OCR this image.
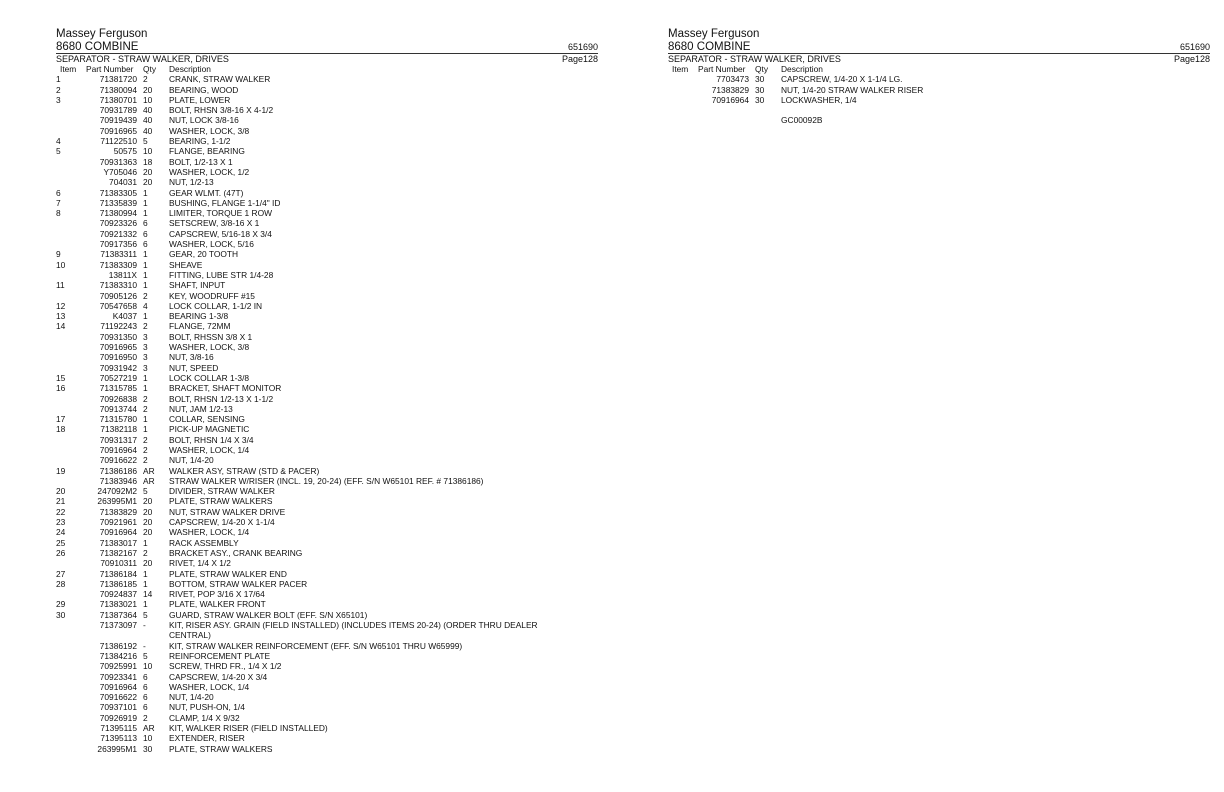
Massey Ferguson
8680 COMBINE	651690
SEPARATOR - STRAW WALKER, DRIVES	Page128
Item Part Number Qty Description
1	71381720 2	CRANK, STRAW WALKER
2	71380094 20 BEARING, WOOD
3	71380701 10 PLATE, LOWER
70931789 40 BOLT, RHSN 3/8-16 X 4-1/2
70919439 40 NUT, LOCK 3/8-16
70916965 40 WASHER, LOCK, 3/8
4	71122510 5	BEARING, 1-1/2
5	50575 10 FLANGE, BEARING
70931363 18 BOLT, 1/2-13 X 1
Y705046 20 WASHER, LOCK, 1/2
704031 20 NUT, 1/2-13
6	71383305 1	GEAR WLMT. (47T)
7	71335839 1	BUSHING, FLANGE 1-1/4" ID
8	71380994 1	LIMITER, TORQUE 1 ROW
70923326 6	SETSCREW, 3/8-16 X 1
70921332 6	CAPSCREW, 5/16-18 X 3/4
70917356 6	WASHER, LOCK, 5/16
9	71383311 1	GEAR, 20 TOOTH
10	71383309 1	SHEAVE
13811X 1	FITTING, LUBE STR 1/4-28
11	71383310 1	SHAFT, INPUT
70905126 2	KEY, WOODRUFF #15
12	70547658 4	LOCK COLLAR, 1-1/2 IN
13	K4037 1	BEARING 1-3/8
14	71192243 2	FLANGE, 72MM
70931350 3	BOLT, RHSSN 3/8 X 1
70916965 3	WASHER, LOCK, 3/8
70916950 3	NUT, 3/8-16
70931942 3	NUT, SPEED
15	70527219 1	LOCK COLLAR 1-3/8
16	71315785 1	BRACKET, SHAFT MONITOR
70926838 2	BOLT, RHSN 1/2-13 X 1-1/2
70913744 2	NUT, JAM 1/2-13
17	71315780 1	COLLAR, SENSING
18	71382118 1	PICK-UP MAGNETIC
70931317 2	BOLT, RHSN 1/4 X 3/4
70916964 2	WASHER, LOCK, 1/4
70916622 2	NUT, 1/4-20
19	71386186 AR WALKER ASY, STRAW (STD & PACER)
71383946 AR STRAW WALKER W/RISER (INCL. 19, 20-24) (EFF. S/N W65101 REF. # 71386186)
20	247092M2 5	DIVIDER, STRAW WALKER
21	263995M1 20 PLATE, STRAW WALKERS
22	71383829 20 NUT, STRAW WALKER DRIVE
23	70921961 20 CAPSCREW, 1/4-20 X 1-1/4
24	70916964 20 WASHER, LOCK, 1/4
25	71383017 1	RACK ASSEMBLY
26	71382167 2	BRACKET ASY., CRANK BEARING
70910311 20 RIVET, 1/4 X 1/2
27	71386184 1	PLATE, STRAW WALKER END
28	71386185 1	BOTTOM, STRAW WALKER PACER
70924837 14 RIVET, POP 3/16 X 17/64
29	71383021 1	PLATE, WALKER FRONT
30	71387364 5	GUARD, STRAW WALKER BOLT (EFF. S/N X65101)
71373097 -	KIT, RISER ASY. GRAIN (FIELD INSTALLED) (INCLUDES ITEMS 20-24) (ORDER THRU DEALER CENTRAL)
71386192 -	KIT, STRAW WALKER REINFORCEMENT (EFF. S/N W65101 THRU W65999)
71384216 5	REINFORCEMENT PLATE
70925991 10 SCREW, THRD FR., 1/4 X 1/2
70923341 6	CAPSCREW, 1/4-20 X 3/4
70916964 6	WASHER, LOCK, 1/4
70916622 6	NUT, 1/4-20
70937101 6	NUT, PUSH-ON, 1/4
70926919 2	CLAMP, 1/4 X 9/32
71395115 AR KIT, WALKER RISER (FIELD INSTALLED)
71395113 10 EXTENDER, RISER
263995M1 30 PLATE, STRAW WALKERS
Massey Ferguson
8680 COMBINE	651690
SEPARATOR - STRAW WALKER, DRIVES	Page128
Item Part Number Qty Description
7703473 30 CAPSCREW, 1/4-20 X 1-1/4 LG.
71383829 30 NUT, 1/4-20 STRAW WALKER RISER
70916964 30 LOCKWASHER, 1/4
GC00092B
